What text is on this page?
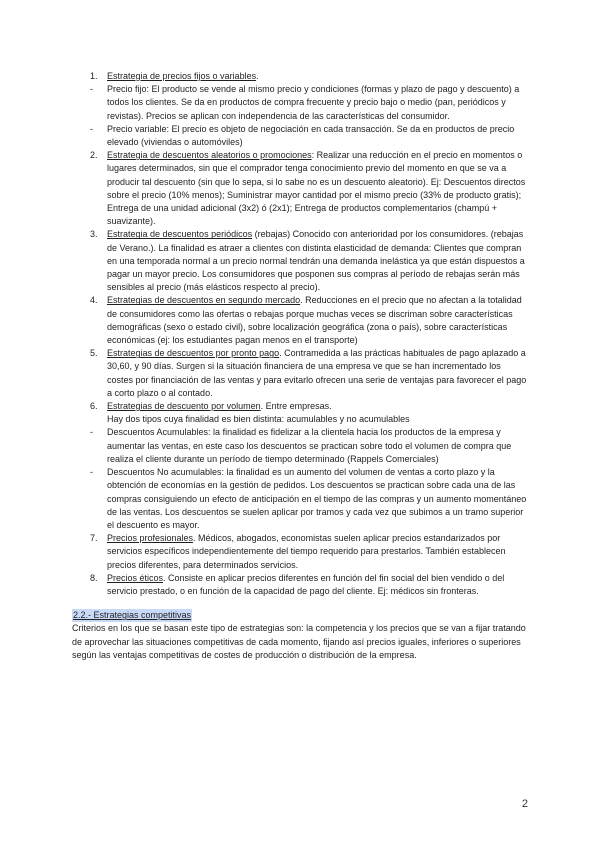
1.	Estrategia de precios fijos o variables.
-	Precio fijo: El producto se vende al mismo precio y condiciones (formas y plazo de pago y descuento) a todos los clientes. Se da en productos de compra frecuente y precio bajo o medio (pan, periódicos y revistas). Precios se aplican con independencia de las características del consumidor.
-	Precio variable: El precio es objeto de negociación en cada transacción. Se da en productos de precio elevado (viviendas o automóviles)
2.	Estrategia de descuentos aleatorios o promociones: Realizar una reducción en el precio en momentos o lugares determinados, sin que el comprador tenga conocimiento previo del momento en que se va a producir tal descuento (sin que lo sepa, si lo sabe no es un descuento aleatorio). Ej: Descuentos directos sobre el precio (10% menos); Suministrar mayor cantidad por el mismo precio (33% de producto gratis); Entrega de una unidad adicional (3x2) ó (2x1); Entrega de productos complementarios (champú + suavizante).
3.	Estrategia de descuentos periódicos (rebajas) Conocido con anterioridad por los consumidores. (rebajas de Verano.). La finalidad es atraer a clientes con distinta elasticidad de demanda: Clientes que compran en una temporada normal a un precio normal tendrán una demanda inelástica ya que están dispuestos a pagar un mayor precio. Los consumidores que posponen sus compras al período de rebajas serán más sensibles al precio (más elásticos respecto al precio).
4.	Estrategias de descuentos en segundo mercado. Reducciones en el precio que no afectan a la totalidad de consumidores como las ofertas o rebajas porque muchas veces se discriman sobre características demográficas (sexo o estado civil), sobre localización geográfica (zona o país), sobre características económicas (ej: los estudiantes pagan menos en el transporte)
5.	Estrategias de descuentos por pronto pago. Contramedida a las prácticas habituales de pago aplazado a 30,60, y 90 días. Surgen si la situación financiera de una empresa ve que se han incrementado los costes por financiación de las ventas y para evitarlo ofrecen una serie de ventajas para favorecer el pago a corto plazo o al contado.
6.	Estrategias de descuento por volumen. Entre empresas.
Hay dos tipos cuya finalidad es bien distinta: acumulables y no acumulables
-	Descuentos Acumulables: la finalidad es fidelizar a la clientela hacia los productos de la empresa y aumentar las ventas, en este caso los descuentos se practican sobre todo el volumen de compra que realiza el cliente durante un período de tiempo determinado (Rappels Comerciales)
-	Descuentos No acumulables: la finalidad es un aumento del volumen de ventas a corto plazo y la obtención de economías en la gestión de pedidos. Los descuentos se practican sobre cada una de las compras consiguiendo un efecto de anticipación en el tiempo de las compras y un aumento momentáneo de las ventas. Los descuentos se suelen aplicar por tramos y cada vez que subimos a un tramo superior el descuento es mayor.
7.	Precios profesionales. Médicos, abogados, economistas suelen aplicar precios estandarizados por servicios específicos independientemente del tiempo requerido para prestarlos. También establecen precios diferentes, para determinados servicios.
8.	Precios éticos. Consiste en aplicar precios diferentes en función del fin social del bien vendido o del servicio prestado, o en función de la capacidad de pago del cliente. Ej: médicos sin fronteras.
2.2.- Estrategias competitivas
Criterios en los que se basan este tipo de estrategias son: la competencia y los precios que se van a fijar tratando de aprovechar las situaciones competitivas de cada momento, fijando así precios iguales, inferiores o superiores según las ventajas competitivas de costes de producción o distribución de la empresa.
2
